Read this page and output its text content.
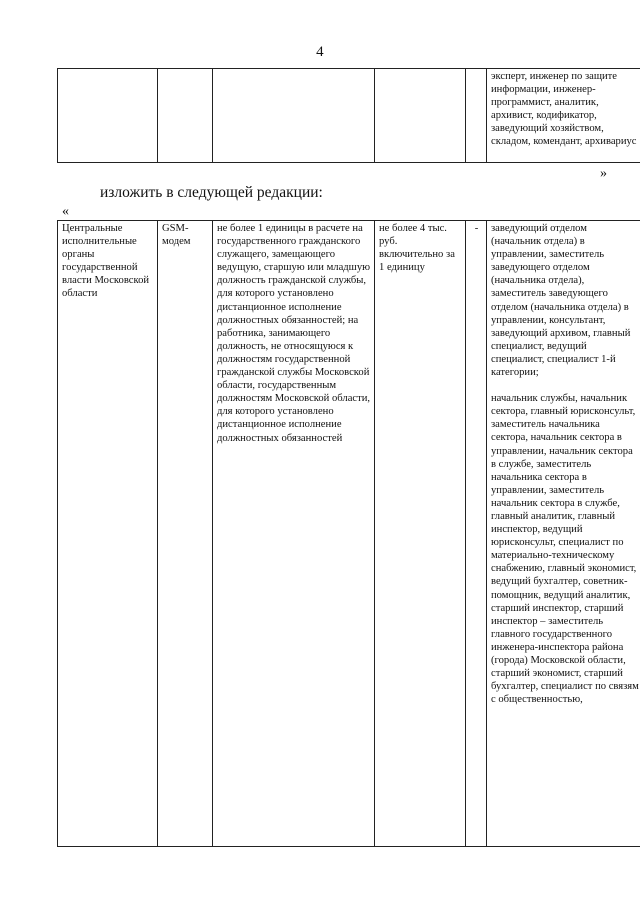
4
					эксперт, инженер по защите информации, инженер-программист, аналитик, архивист, кодификатор, заведующий хозяйством, складом, комендант, архивариус
»
изложить в следующей редакции:
«
Центральные исполнительные органы государственной власти Московской области	GSM-модем	не более 1 единицы в расчете на государственного гражданского служащего, замещающего ведущую, старшую или младшую должность гражданской службы, для которого установлено дистанционное исполнение должностных обязанностей; на работника, занимающего должность, не относящуюся к должностям государственной гражданской службы Московской области, государственным должностям Московской области, для которого установлено дистанционное исполнение должностных обязанностей	не более 4 тыс. руб. включительно за 1 единицу	-	заведующий отделом (начальник отдела) в управлении, заместитель заведующего отделом (начальника отдела), заместитель заведующего отделом (начальника отдела) в управлении, консультант, заведующий архивом, главный специалист, ведущий специалист, специалист 1-й категории;
начальник службы, начальник сектора, главный юрисконсульт, заместитель начальника сектора, начальник сектора в управлении, начальник сектора в службе, заместитель начальника сектора в управлении, заместитель начальник сектора в службе, главный аналитик, главный инспектор, ведущий юрисконсульт, специалист по материально-техническому снабжению, главный экономист, ведущий бухгалтер, советник-помощник, ведущий аналитик, старший инспектор, старший инспектор – заместитель главного государственного инженера-инспектора района (города) Московской области, старший экономист, старший бухгалтер, специалист по связям с общественностью,
